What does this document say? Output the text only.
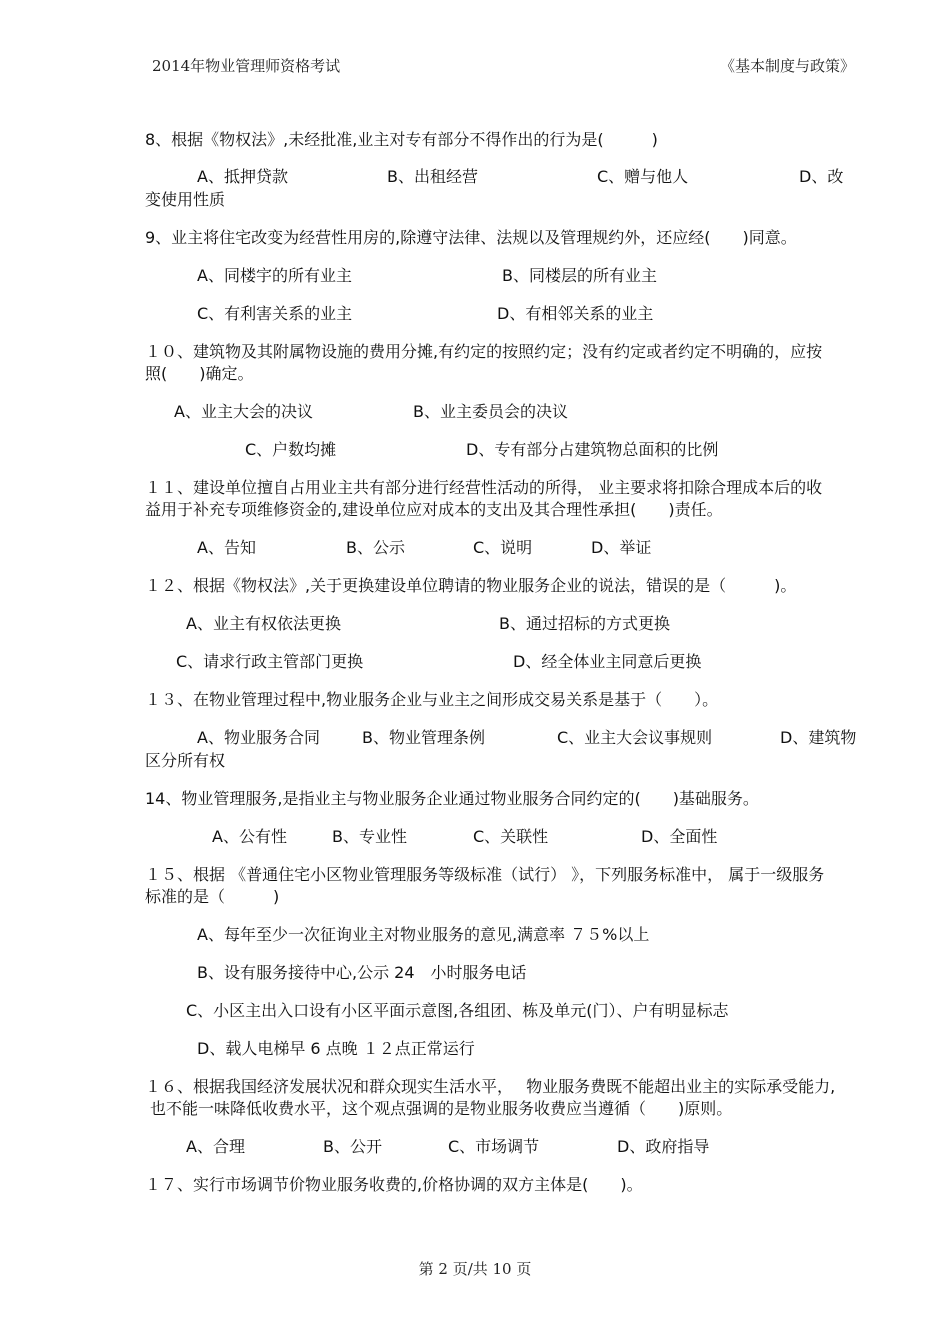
2014年物业管理师资格考试	《基本制度与政策》
8、根据《物权法》,未经批准,业主对专有部分不得作出的行为是(　　　)
A、抵押贷款	B、出租经营	C、赠与他人	D、改
变使用性质
9、业主将住宅改变为经营性用房的,除遵守法律、法规以及管理规约外，还应经(　　)同意。
A、同楼宇的所有业主	B、同楼层的所有业主
C、有利害关系的业主	D、有相邻关系的业主
１０、建筑物及其附属物设施的费用分摊,有约定的按照约定；没有约定或者约定不明确的，应按
照(　　)确定。
A、业主大会的决议	B、业主委员会的决议
C、户数均摊	D、专有部分占建筑物总面积的比例
１１、建设单位擅自占用业主共有部分进行经营性活动的所得， 业主要求将扣除合理成本后的收
益用于补充专项维修资金的,建设单位应对成本的支出及其合理性承担(　　)责任。
A、告知	B、公示	C、说明	D、举证
１２、根据《物权法》,关于更换建设单位聘请的物业服务企业的说法，错误的是（　　　)。
A、业主有权依法更换	B、通过招标的方式更换
C、请求行政主管部门更换	D、经全体业主同意后更换
１３、在物业管理过程中,物业服务企业与业主之间形成交易关系是基于（　　）。
A、物业服务合同	B、物业管理条例	C、业主大会议事规则	D、建筑物
区分所有权
14、物业管理服务,是指业主与物业服务企业通过物业服务合同约定的(　　)基础服务。
A、公有性	B、专业性	C、关联性	D、全面性
１５、根据 《普通住宅小区物业管理服务等级标准（试行） 》，下列服务标准中， 属于一级服务
标准的是（　　　)
A、每年至少一次征询业主对物业服务的意见,满意率 ７５%以上
B、设有服务接待中心,公示 24　小时服务电话
C、小区主出入口设有小区平面示意图,各组团、栋及单元(门）、户有明显标志
D、载人电梯早 6 点晚 １２点正常运行
１６、根据我国经济发展状况和群众现实生活水平，　 物业服务费既不能超出业主的实际承受能力,
也不能一味降低收费水平，这个观点强调的是物业服务收费应当遵循（　　)原则。
A、合理	B、公开	C、市场调节	D、政府指导
１７、实行市场调节价物业服务收费的,价格协调的双方主体是(　　)。
第 2 页/共 10 页
